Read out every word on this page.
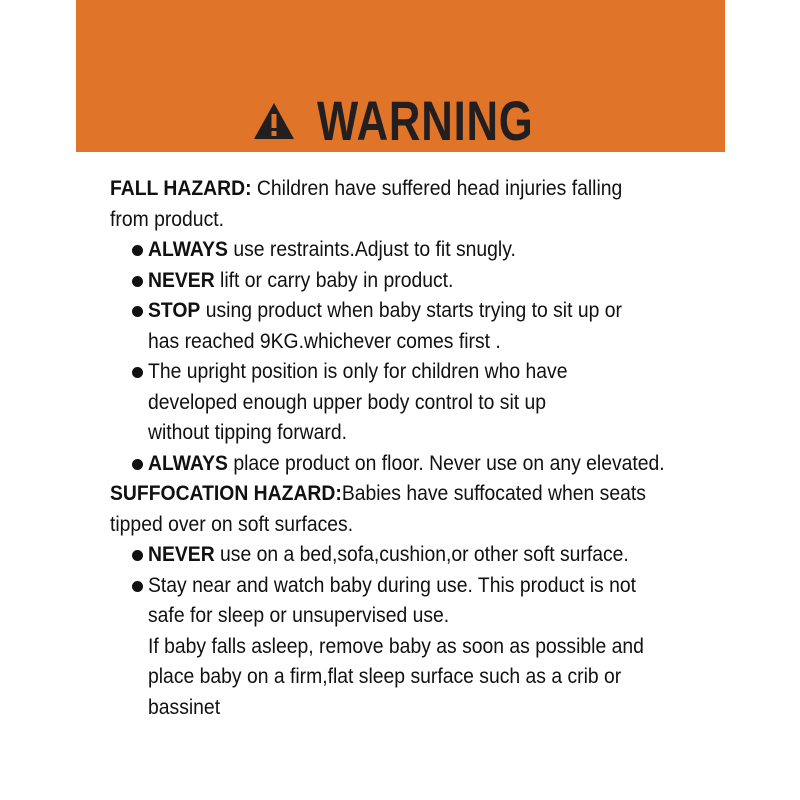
WARNING
FALL HAZARD: Children have suffered head injuries falling
from product.
ALWAYS use restraints.Adjust to fit snugly.
NEVER lift or carry baby in product.
STOP using product when baby starts trying to sit up or
has reached 9KG.whichever comes first .
The upright position is only for children who have
developed enough upper body control to sit up
without tipping forward.
ALWAYS place product on floor. Never use on any elevated.
SUFFOCATION HAZARD:Babies have suffocated when seats
tipped over on soft surfaces.
NEVER use on a bed,sofa,cushion,or other soft surface.
Stay near and watch baby during use. This product is not
safe for sleep or unsupervised use.
If baby falls asleep, remove baby as soon as possible and
place baby on a firm,flat sleep surface such as a crib or
bassinet
